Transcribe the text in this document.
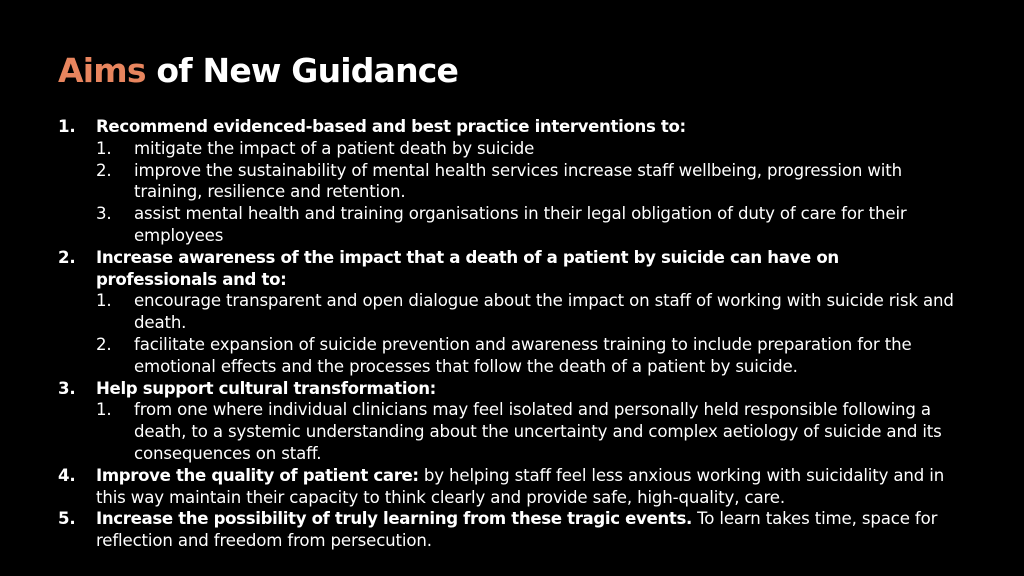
Aims of New Guidance
1. Recommend evidenced-based and best practice interventions to:
1. mitigate the impact of a patient death by suicide
2. improve the sustainability of mental health services increase staff wellbeing, progression with training, resilience and retention.
3. assist mental health and training organisations in their legal obligation of duty of care for their employees
2. Increase awareness of the impact that a death of a patient by suicide can have on professionals and to:
1. encourage transparent and open dialogue about the impact on staff of working with suicide risk and death.
2. facilitate expansion of suicide prevention and awareness training to include preparation for the emotional effects and the processes that follow the death of a patient by suicide.
3. Help support cultural transformation:
1. from one where individual clinicians may feel isolated and personally held responsible following a death, to a systemic understanding about the uncertainty and complex aetiology of suicide and its consequences on staff.
4. Improve the quality of patient care: by helping staff feel less anxious working with suicidality and in this way maintain their capacity to think clearly and provide safe, high-quality, care.
5. Increase the possibility of truly learning from these tragic events. To learn takes time, space for reflection and freedom from persecution.
